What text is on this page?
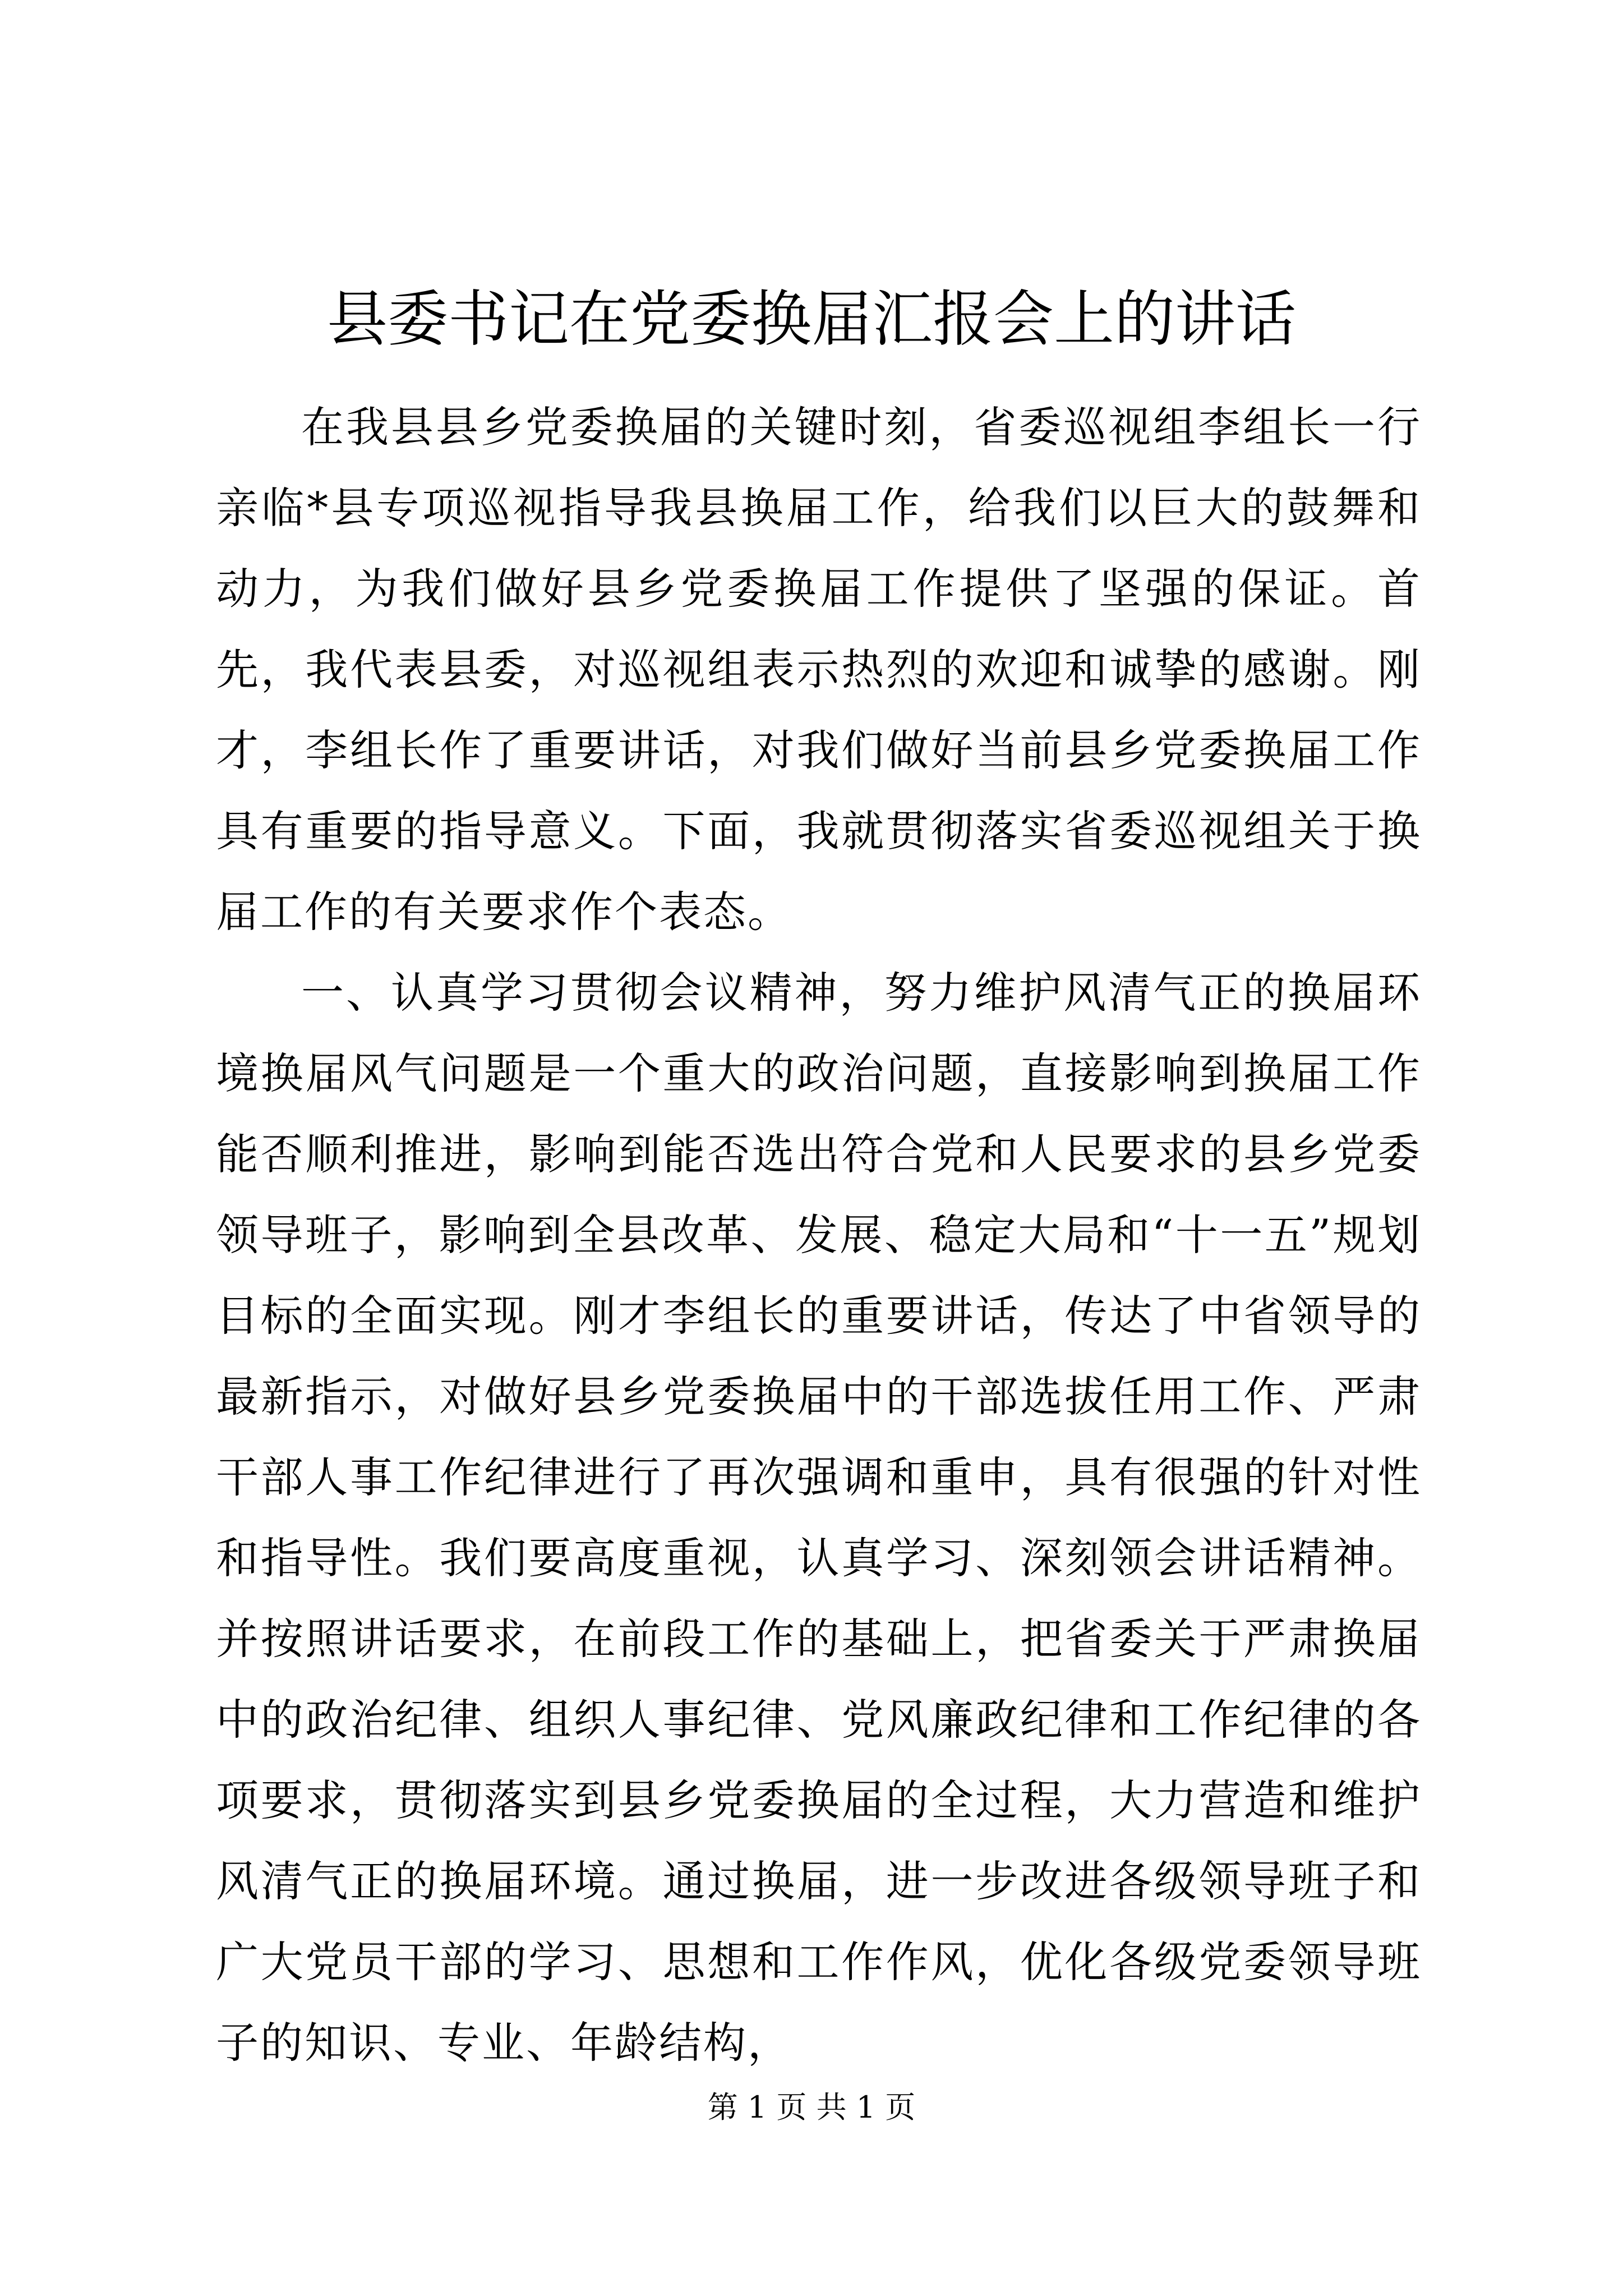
县委书记在党委换届汇报会上的讲话

在我县县乡党委换届的关键时刻，省委巡视组李组长一行亲临*县专项巡视指导我县换届工作，给我们以巨大的鼓舞和动力，为我们做好县乡党委换届工作提供了坚强的保证。首先，我代表县委，对巡视组表示热烈的欢迎和诚挚的感谢。刚才，李组长作了重要讲话，对我们做好当前县乡党委换届工作具有重要的指导意义。下面，我就贯彻落实省委巡视组关于换届工作的有关要求作个表态。

一、认真学习贯彻会议精神，努力维护风清气正的换届环境换届风气问题是一个重大的政治问题，直接影响到换届工作能否顺利推进，影响到能否选出符合党和人民要求的县乡党委领导班子，影响到全县改革、发展、稳定大局和“十一五”规划目标的全面实现。刚才李组长的重要讲话，传达了中省领导的最新指示，对做好县乡党委换届中的干部选拔任用工作、严肃干部人事工作纪律进行了再次强调和重申，具有很强的针对性和指导性。我们要高度重视，认真学习、深刻领会讲话精神。并按照讲话要求，在前段工作的基础上，把省委关于严肃换届中的政治纪律、组织人事纪律、党风廉政纪律和工作纪律的各项要求，贯彻落实到县乡党委换届的全过程，大力营造和维护风清气正的换届环境。通过换届，进一步改进各级领导班子和广大党员干部的学习、思想和工作作风，优化各级党委领导班子的知识、专业、年龄结构，

第 1 页 共 1 页
